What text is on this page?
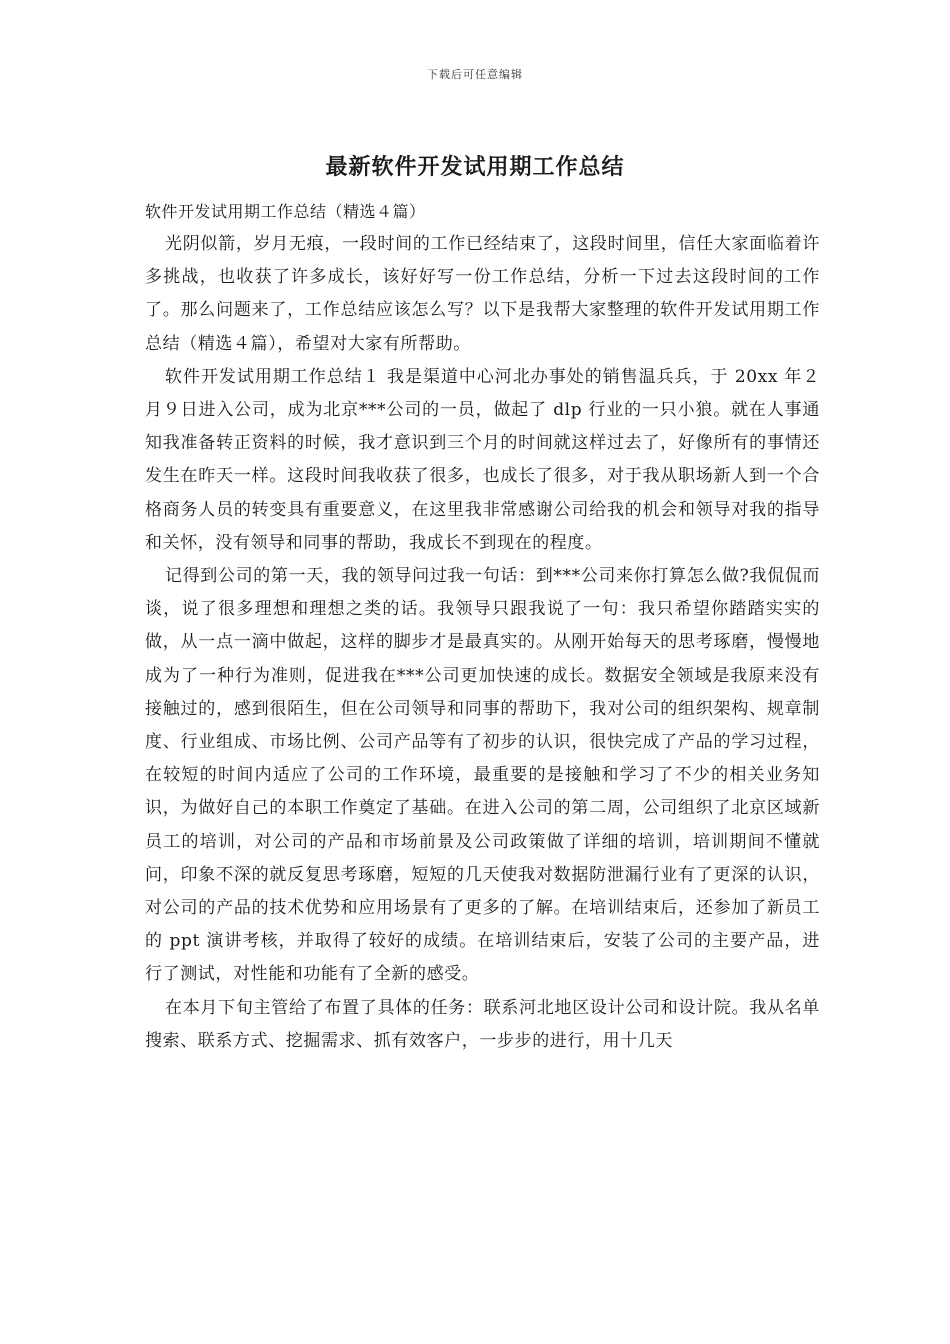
下载后可任意编辑
最新软件开发试用期工作总结

软件开发试用期工作总结（精选４篇）

光阴似箭，岁月无痕，一段时间的工作已经结束了，这段时间里，信任大家面临着许多挑战，也收获了许多成长，该好好写一份工作总结，分析一下过去这段时间的工作了。那么问题来了，工作总结应该怎么写？以下是我帮大家整理的软件开发试用期工作总结（精选４篇），希望对大家有所帮助。

软件开发试用期工作总结１ 我是渠道中心河北办事处的销售温兵兵，于 20xx 年２月９日进入公司，成为北京***公司的一员，做起了 dlp 行业的一只小狼。就在人事通知我准备转正资料的时候，我才意识到三个月的时间就这样过去了，好像所有的事情还发生在昨天一样。这段时间我收获了很多，也成长了很多，对于我从职场新人到一个合格商务人员的转变具有重要意义，在这里我非常感谢公司给我的机会和领导对我的指导和关怀，没有领导和同事的帮助，我成长不到现在的程度。

记得到公司的第一天，我的领导问过我一句话：到***公司来你打算怎么做?我侃侃而谈，说了很多理想和理想之类的话。我领导只跟我说了一句：我只希望你踏踏实实的做，从一点一滴中做起，这样的脚步才是最真实的。从刚开始每天的思考琢磨，慢慢地成为了一种行为准则，促进我在***公司更加快速的成长。数据安全领域是我原来没有接触过的，感到很陌生，但在公司领导和同事的帮助下，我对公司的组织架构、规章制度、行业组成、市场比例、公司产品等有了初步的认识，很快完成了产品的学习过程，在较短的时间内适应了公司的工作环境，最重要的是接触和学习了不少的相关业务知识，为做好自己的本职工作奠定了基础。在进入公司的第二周，公司组织了北京区域新员工的培训，对公司的产品和市场前景及公司政策做了详细的培训，培训期间不懂就问，印象不深的就反复思考琢磨，短短的几天使我对数据防泄漏行业有了更深的认识，对公司的产品的技术优势和应用场景有了更多的了解。在培训结束后，还参加了新员工的 ppt 演讲考核，并取得了较好的成绩。在培训结束后，安装了公司的主要产品，进行了测试，对性能和功能有了全新的感受。

在本月下旬主管给了布置了具体的任务：联系河北地区设计公司和设计院。我从名单搜索、联系方式、挖掘需求、抓有效客户，一步步的进行，用十几天
